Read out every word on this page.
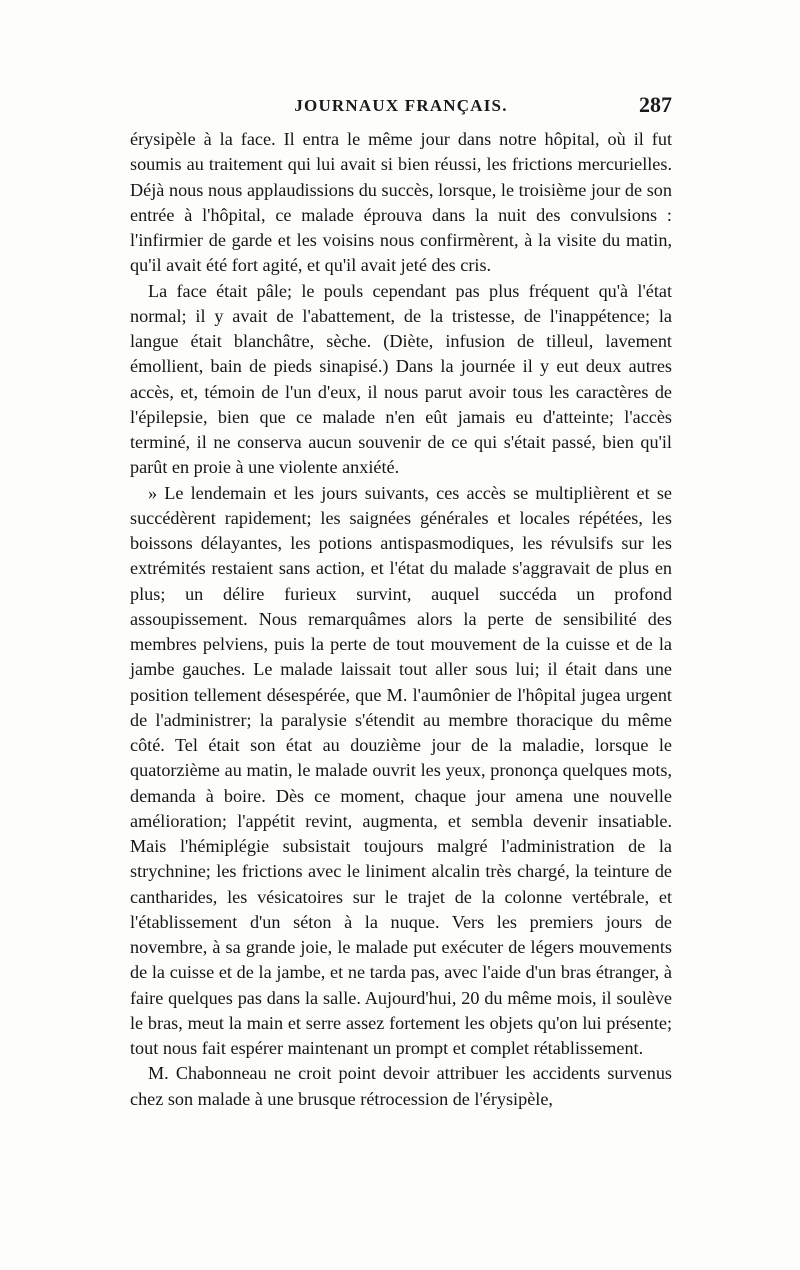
JOURNAUX FRANÇAIS.	287

érysipèle à la face. Il entra le même jour dans notre hôpital, où il fut soumis au traitement qui lui avait si bien réussi, les frictions mercurielles. Déjà nous nous applaudissions du succès, lorsque, le troisième jour de son entrée à l'hôpital, ce malade éprouva dans la nuit des convulsions : l'infirmier de garde et les voisins nous confirmèrent, à la visite du matin, qu'il avait été fort agité, et qu'il avait jeté des cris.

La face était pâle; le pouls cependant pas plus fréquent qu'à l'état normal; il y avait de l'abattement, de la tristesse, de l'inappétence; la langue était blanchâtre, sèche. (Diète, infusion de tilleul, lavement émollient, bain de pieds sinapisé.) Dans la journée il y eut deux autres accès, et, témoin de l'un d'eux, il nous parut avoir tous les caractères de l'épilepsie, bien que ce malade n'en eût jamais eu d'atteinte; l'accès terminé, il ne conserva aucun souvenir de ce qui s'était passé, bien qu'il parût en proie à une violente anxiété.

» Le lendemain et les jours suivants, ces accès se multiplièrent et se succédèrent rapidement; les saignées générales et locales répétées, les boissons délayantes, les potions antispasmodiques, les révulsifs sur les extrémités restaient sans action, et l'état du malade s'aggravait de plus en plus; un délire furieux survint, auquel succéda un profond assoupissement. Nous remarquâmes alors la perte de sensibilité des membres pelviens, puis la perte de tout mouvement de la cuisse et de la jambe gauches. Le malade laissait tout aller sous lui; il était dans une position tellement désespérée, que M. l'aumônier de l'hôpital jugea urgent de l'administrer; la paralysie s'étendit au membre thoracique du même côté. Tel était son état au douzième jour de la maladie, lorsque le quatorzième au matin, le malade ouvrit les yeux, prononça quelques mots, demanda à boire. Dès ce moment, chaque jour amena une nouvelle amélioration; l'appétit revint, augmenta, et sembla devenir insatiable. Mais l'hémiplégie subsistait toujours malgré l'administration de la strychnine; les frictions avec le liniment alcalin très chargé, la teinture de cantharides, les vésicatoires sur le trajet de la colonne vertébrale, et l'établissement d'un séton à la nuque. Vers les premiers jours de novembre, à sa grande joie, le malade put exécuter de légers mouvements de la cuisse et de la jambe, et ne tarda pas, avec l'aide d'un bras étranger, à faire quelques pas dans la salle. Aujourd'hui, 20 du même mois, il soulève le bras, meut la main et serre assez fortement les objets qu'on lui présente; tout nous fait espérer maintenant un prompt et complet rétablissement.

M. Chabonneau ne croit point devoir attribuer les accidents survenus chez son malade à une brusque rétrocession de l'érysipèle,
